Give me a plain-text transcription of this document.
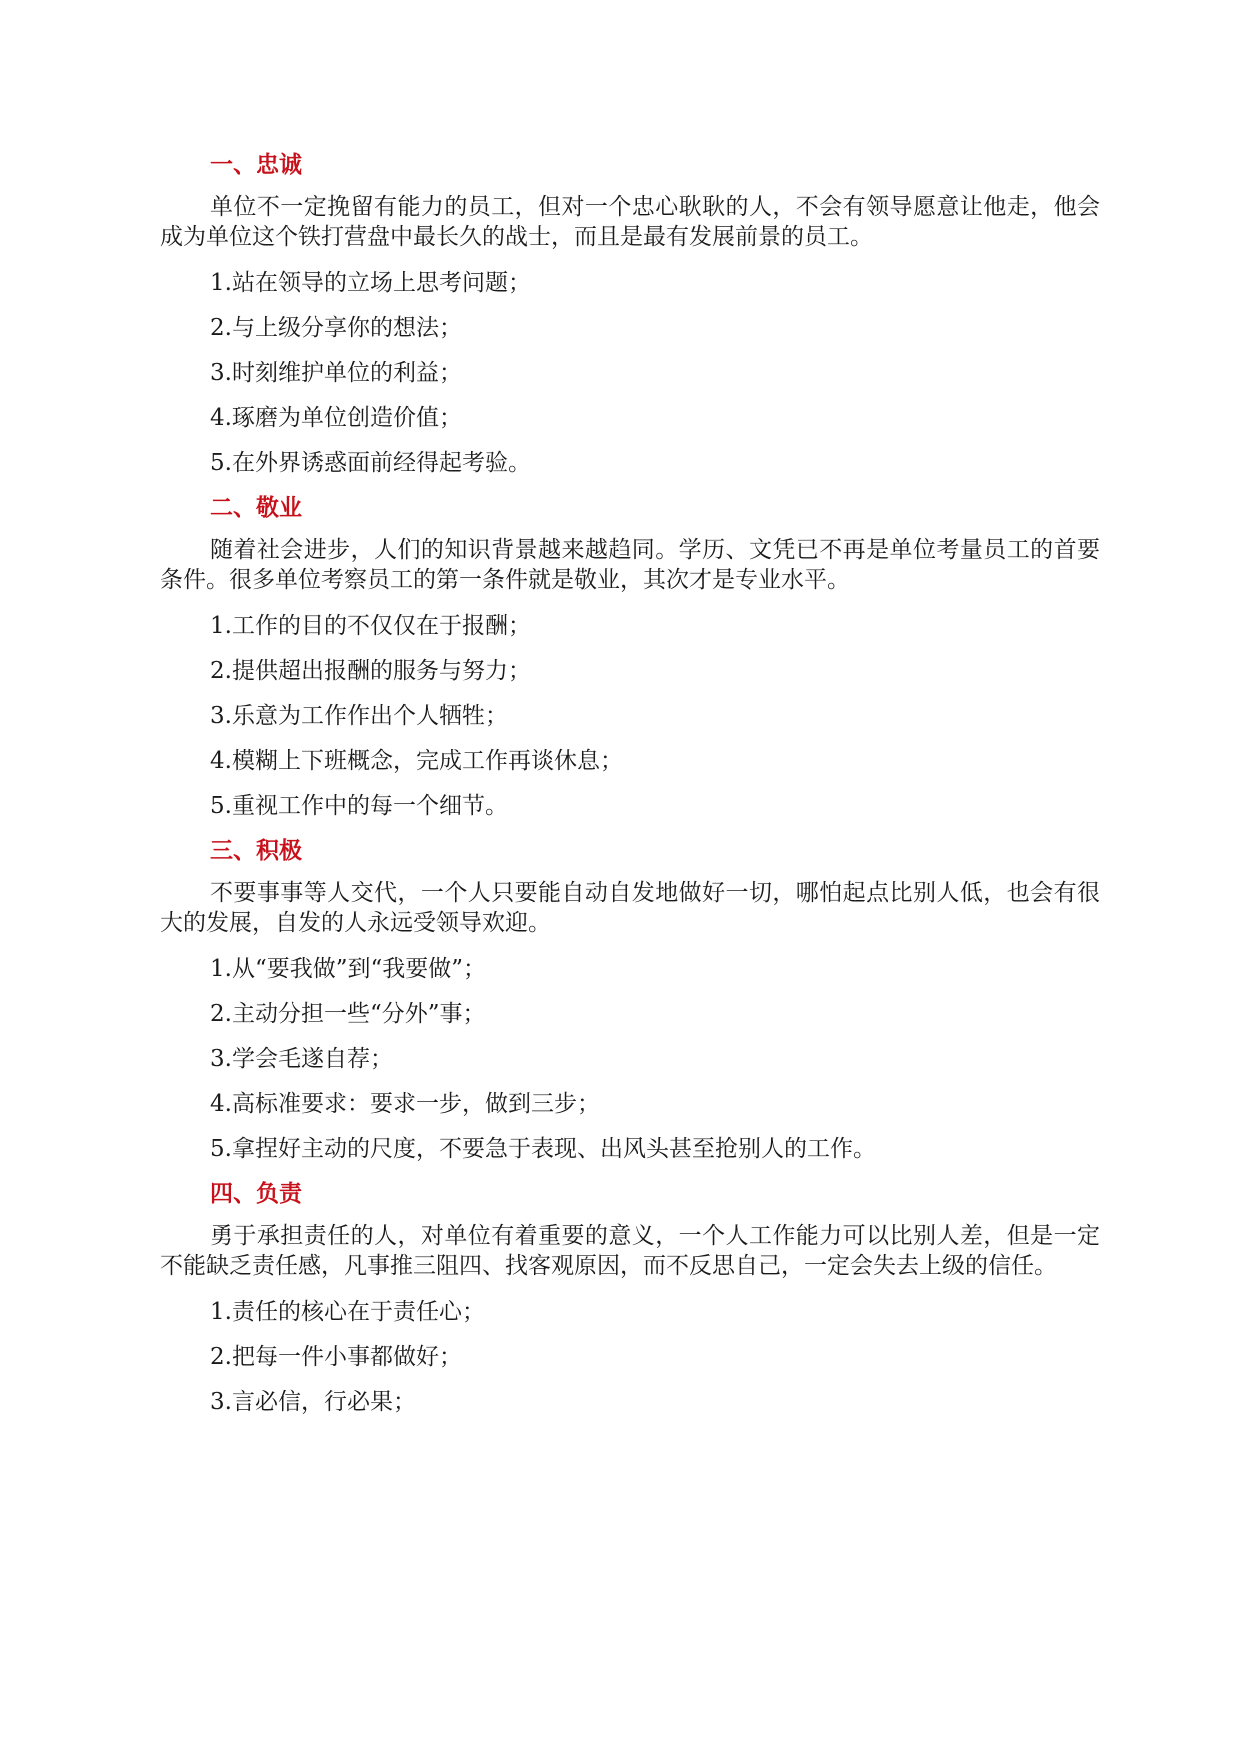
一、忠诚
单位不一定挽留有能力的员工，但对一个忠心耿耿的人，不会有领导愿意让他走，他会成为单位这个铁打营盘中最长久的战士，而且是最有发展前景的员工。
1.站在领导的立场上思考问题；
2.与上级分享你的想法；
3.时刻维护单位的利益；
4.琢磨为单位创造价值；
5.在外界诱惑面前经得起考验。
二、敬业
随着社会进步，人们的知识背景越来越趋同。学历、文凭已不再是单位考量员工的首要条件。很多单位考察员工的第一条件就是敬业，其次才是专业水平。
1.工作的目的不仅仅在于报酬；
2.提供超出报酬的服务与努力；
3.乐意为工作作出个人牺牲；
4.模糊上下班概念，完成工作再谈休息；
5.重视工作中的每一个细节。
三、积极
不要事事等人交代，一个人只要能自动自发地做好一切，哪怕起点比别人低，也会有很大的发展，自发的人永远受领导欢迎。
1.从“要我做”到“我要做”；
2.主动分担一些“分外”事；
3.学会毛遂自荐；
4.高标准要求：要求一步，做到三步；
5.拿捏好主动的尺度，不要急于表现、出风头甚至抢别人的工作。
四、负责
勇于承担责任的人，对单位有着重要的意义，一个人工作能力可以比别人差，但是一定不能缺乏责任感，凡事推三阻四、找客观原因，而不反思自己，一定会失去上级的信任。
1.责任的核心在于责任心；
2.把每一件小事都做好；
3.言必信，行必果；
